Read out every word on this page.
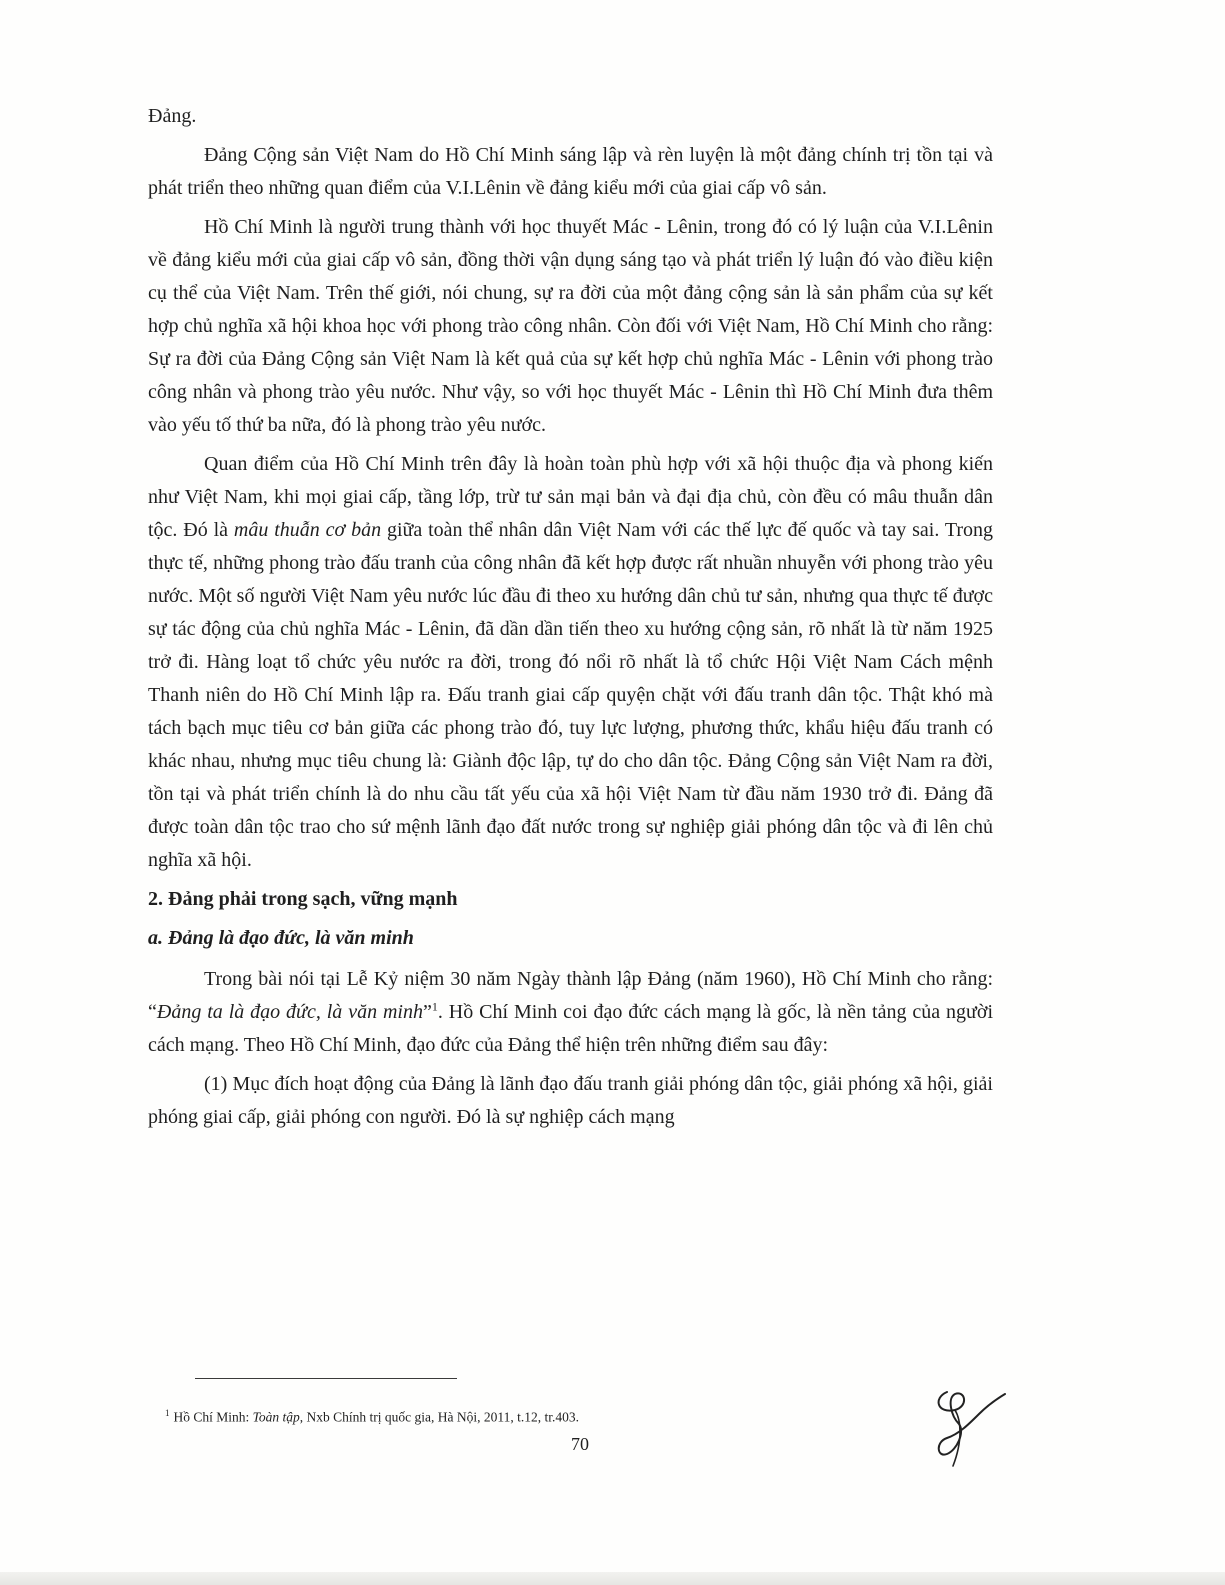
Đảng.

Đảng Cộng sản Việt Nam do Hồ Chí Minh sáng lập và rèn luyện là một đảng chính trị tồn tại và phát triển theo những quan điểm của V.I.Lênin về đảng kiểu mới của giai cấp vô sản.

Hồ Chí Minh là người trung thành với học thuyết Mác - Lênin, trong đó có lý luận của V.I.Lênin về đảng kiểu mới của giai cấp vô sản, đồng thời vận dụng sáng tạo và phát triển lý luận đó vào điều kiện cụ thể của Việt Nam. Trên thế giới, nói chung, sự ra đời của một đảng cộng sản là sản phẩm của sự kết hợp chủ nghĩa xã hội khoa học với phong trào công nhân. Còn đối với Việt Nam, Hồ Chí Minh cho rằng: Sự ra đời của Đảng Cộng sản Việt Nam là kết quả của sự kết hợp chủ nghĩa Mác - Lênin với phong trào công nhân và phong trào yêu nước. Như vậy, so với học thuyết Mác - Lênin thì Hồ Chí Minh đưa thêm vào yếu tố thứ ba nữa, đó là phong trào yêu nước.

Quan điểm của Hồ Chí Minh trên đây là hoàn toàn phù hợp với xã hội thuộc địa và phong kiến như Việt Nam, khi mọi giai cấp, tầng lớp, trừ tư sản mại bản và đại địa chủ, còn đều có mâu thuẫn dân tộc. Đó là mâu thuẫn cơ bản giữa toàn thể nhân dân Việt Nam với các thế lực đế quốc và tay sai. Trong thực tế, những phong trào đấu tranh của công nhân đã kết hợp được rất nhuần nhuyễn với phong trào yêu nước. Một số người Việt Nam yêu nước lúc đầu đi theo xu hướng dân chủ tư sản, nhưng qua thực tế được sự tác động của chủ nghĩa Mác - Lênin, đã dần dần tiến theo xu hướng cộng sản, rõ nhất là từ năm 1925 trở đi. Hàng loạt tổ chức yêu nước ra đời, trong đó nổi rõ nhất là tổ chức Hội Việt Nam Cách mệnh Thanh niên do Hồ Chí Minh lập ra. Đấu tranh giai cấp quyện chặt với đấu tranh dân tộc. Thật khó mà tách bạch mục tiêu cơ bản giữa các phong trào đó, tuy lực lượng, phương thức, khẩu hiệu đấu tranh có khác nhau, nhưng mục tiêu chung là: Giành độc lập, tự do cho dân tộc. Đảng Cộng sản Việt Nam ra đời, tồn tại và phát triển chính là do nhu cầu tất yếu của xã hội Việt Nam từ đầu năm 1930 trở đi. Đảng đã được toàn dân tộc trao cho sứ mệnh lãnh đạo đất nước trong sự nghiệp giải phóng dân tộc và đi lên chủ nghĩa xã hội.

2. Đảng phải trong sạch, vững mạnh
a. Đảng là đạo đức, là văn minh

Trong bài nói tại Lễ Kỷ niệm 30 năm Ngày thành lập Đảng (năm 1960), Hồ Chí Minh cho rằng: “Đảng ta là đạo đức, là văn minh”$^1$. Hồ Chí Minh coi đạo đức cách mạng là gốc, là nền tảng của người cách mạng. Theo Hồ Chí Minh, đạo đức của Đảng thể hiện trên những điểm sau đây:

(1) Mục đích hoạt động của Đảng là lãnh đạo đấu tranh giải phóng dân tộc, giải phóng xã hội, giải phóng giai cấp, giải phóng con người. Đó là sự nghiệp cách mạng

$^1$ Hồ Chí Minh: Toàn tập, Nxb Chính trị quốc gia, Hà Nội, 2011, t.12, tr.403.
70
